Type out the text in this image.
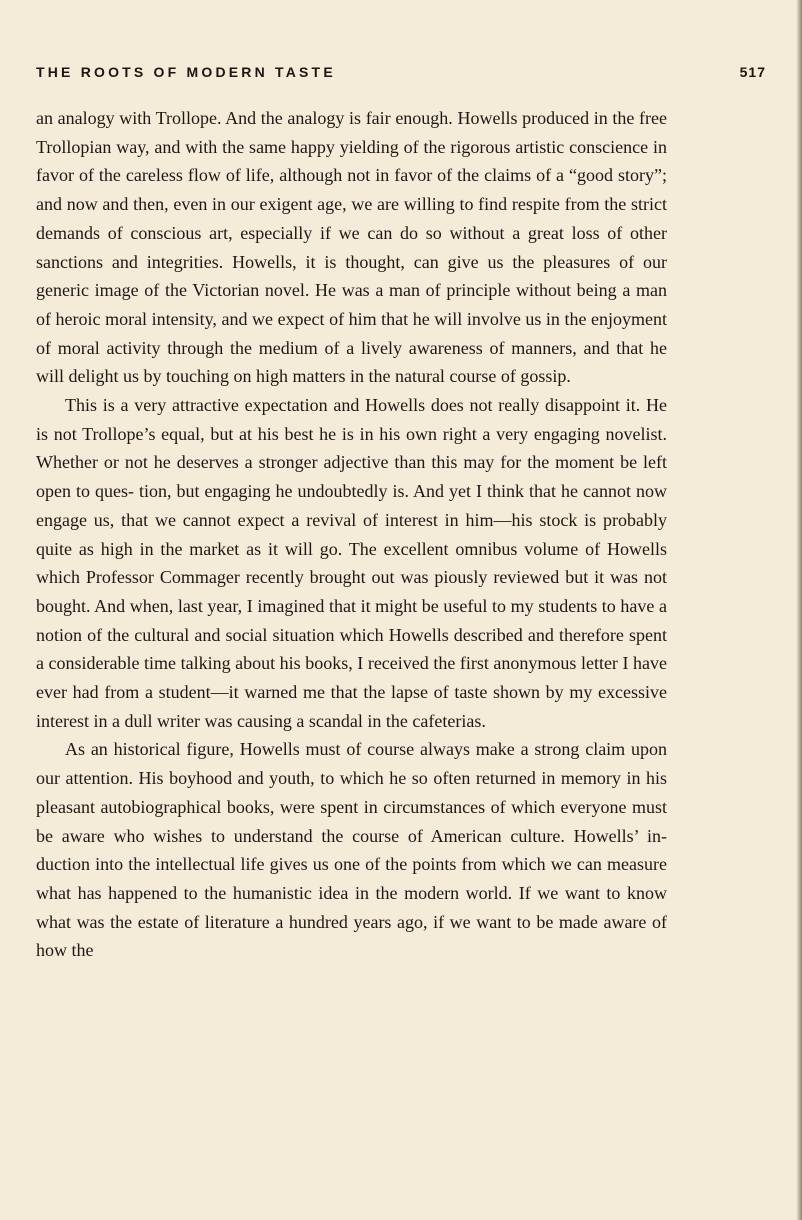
THE ROOTS OF MODERN TASTE	517

an analogy with Trollope. And the analogy is fair enough. Howells produced in the free Trollopian way, and with the same happy yielding of the rigorous artistic conscience in favor of the careless flow of life, although not in favor of the claims of a “good story”; and now and then, even in our exigent age, we are willing to find respite from the strict demands of conscious art, especially if we can do so without a great loss of other sanctions and integrities. Howells, it is thought, can give us the pleasures of our generic image of the Victorian novel. He was a man of principle without being a man of heroic moral intensity, and we expect of him that he will involve us in the enjoyment of moral activity through the medium of a lively awareness of manners, and that he will delight us by touching on high matters in the natural course of gossip.

This is a very attractive expectation and Howells does not really disappoint it. He is not Trollope’s equal, but at his best he is in his own right a very engaging novelist. Whether or not he deserves a stronger adjective than this may for the moment be left open to ques- tion, but engaging he undoubtedly is. And yet I think that he cannot now engage us, that we cannot expect a revival of interest in him—his stock is probably quite as high in the market as it will go. The excellent omnibus volume of Howells which Professor Commager recently brought out was piously reviewed but it was not bought. And when, last year, I imagined that it might be useful to my students to have a notion of the cultural and social situation which Howells described and therefore spent a considerable time talking about his books, I received the first anonymous letter I have ever had from a student—it warned me that the lapse of taste shown by my excessive interest in a dull writer was causing a scandal in the cafeterias.

As an historical figure, Howells must of course always make a strong claim upon our attention. His boyhood and youth, to which he so often returned in memory in his pleasant autobiographical books, were spent in circumstances of which everyone must be aware who wishes to understand the course of American culture. Howells’ in- duction into the intellectual life gives us one of the points from which we can measure what has happened to the humanistic idea in the modern world. If we want to know what was the estate of literature a hundred years ago, if we want to be made aware of how the
